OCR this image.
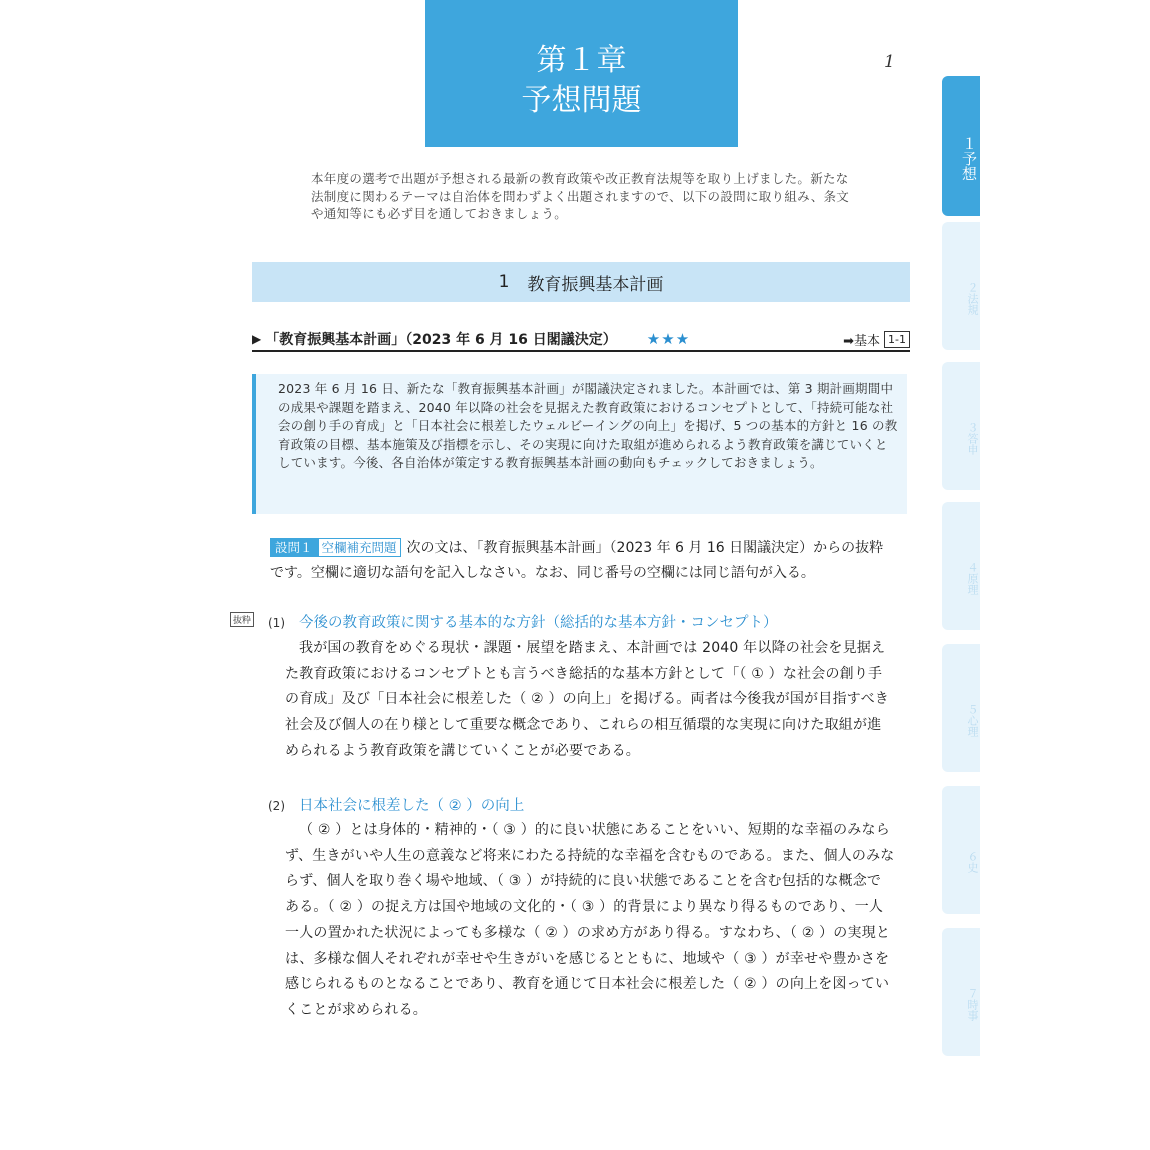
第１章
予想問題
1
本年度の選考で出題が予想される最新の教育政策や改正教育法規等を取り上げました。新たな法制度に関わるテーマは自治体を問わずよく出題されますので、以下の設問に取り組み、条文や通知等にも必ず目を通しておきましょう。
1 教育振興基本計画
▶ 「教育振興基本計画」（2023 年 6 月 16 日閣議決定） ★★★	➡基本 1-1
2023 年 6 月 16 日、新たな「教育振興基本計画」が閣議決定されました。本計画では、第 3 期計画期間中の成果や課題を踏まえ、2040 年以降の社会を見据えた教育政策におけるコンセプトとして、「持続可能な社会の創り手の育成」と「日本社会に根差したウェルビーイングの向上」を掲げ、5 つの基本的方針と 16 の教育政策の目標、基本施策及び指標を示し、その実現に向けた取組が進められるよう教育政策を講じていくとしています。今後、各自治体が策定する教育振興基本計画の動向もチェックしておきましょう。
設問１ 空欄補充問題 次の文は、「教育振興基本計画」（2023 年 6 月 16 日閣議決定）からの抜粋です。空欄に適切な語句を記入しなさい。なお、同じ番号の空欄には同じ語句が入る。
抜粋 (1) 今後の教育政策に関する基本的な方針（総括的な基本方針・コンセプト）
我が国の教育をめぐる現状・課題・展望を踏まえ、本計画では 2040 年以降の社会を見据えた教育政策におけるコンセプトとも言うべき総括的な基本方針として「（ ① ）な社会の創り手の育成」及び「日本社会に根差した（ ② ）の向上」を掲げる。両者は今後我が国が目指すべき社会及び個人の在り様として重要な概念であり、これらの相互循環的な実現に向けた取組が進められるよう教育政策を講じていくことが必要である。
(2) 日本社会に根差した（ ② ）の向上
（ ② ）とは身体的・精神的・（ ③ ）的に良い状態にあることをいい、短期的な幸福のみならず、生きがいや人生の意義など将来にわたる持続的な幸福を含むものである。また、個人のみならず、個人を取り巻く場や地域、（ ③ ）が持続的に良い状態であることを含む包括的な概念である。（ ② ）の捉え方は国や地域の文化的・（ ③ ）的背景により異なり得るものであり、一人一人の置かれた状況によっても多様な（ ② ）の求め方があり得る。すなわち、（ ② ）の実現とは、多様な個人それぞれが幸せや生きがいを感じるとともに、地域や（ ③ ）が幸せや豊かさを感じられるものとなることであり、教育を通じて日本社会に根差した（ ② ）の向上を図っていくことが求められる。
１予想
２法規
３答申
４原理
５心理
６史
７時事
